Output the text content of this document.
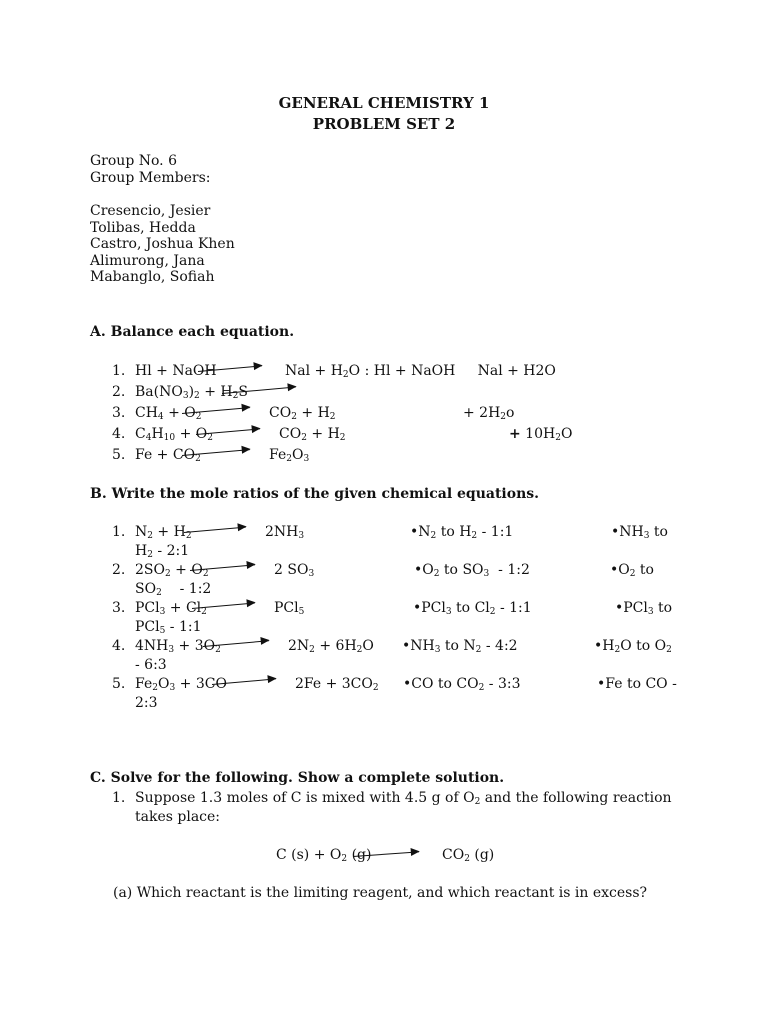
GENERAL CHEMISTRY 1
PROBLEM SET 2
Group No. 6
Group Members:
Cresencio, Jesier
Tolibas, Hedda
Castro, Joshua Khen
Alimurong, Jana
Mabanglo, Sofiah
A. Balance each equation.
1. Hl + NaOH	Nal + $H_2O$ : Hl + NaOH     Nal + H2O
2. $Ba(NO_3)_2 + H_2S$
3. $CH_4 + O_2$	$CO_2 + H_2$	+ $2H_2o$
4. $C_4H_{10} + O_2$	$CO_2 + H_2$	+ $10H_2O$
5. $Fe + CO_2$	$Fe_2O_3$
B. Write the mole ratios of the given chemical equations.
1. $N_2 + H_2$	$2NH_3$	$•N_2$ to $H_2$ - 1:1	$•NH_3$ to
$H_2$ - 2:1
2. $2SO_2 + O_2$	2 $SO_3$	$•O_2$ to $SO_3$  - 1:2	$•O_2$ to
$SO_2$    - 1:2
3. $PCl_3 + Cl_2$	PCl$_5$	•PCl$_3$ to $Cl_2$ - 1:1	•PCl$_3$ to
PCl$_5$ - 1:1
4. $4NH_3 + 3O_2$	$2N_2 + 6H_2O$ $•NH_3$ to $N_2$ - 4:2	$•H_2O$ to $O_2$
- 6:3
5. $Fe_2O_3 + 3CO$	$2Fe + 3CO_2$ •CO to $CO_2$ - 3:3	•Fe to CO -
2:3
C. Solve for the following. Show a complete solution.
1. Suppose 1.3 moles of C is mixed with 4.5 g of $O_2$ and the following reaction
takes place:
C $(s) + O_2$ (g)	$CO_2$ (g)
(a) Which reactant is the limiting reagent, and which reactant is in excess?
